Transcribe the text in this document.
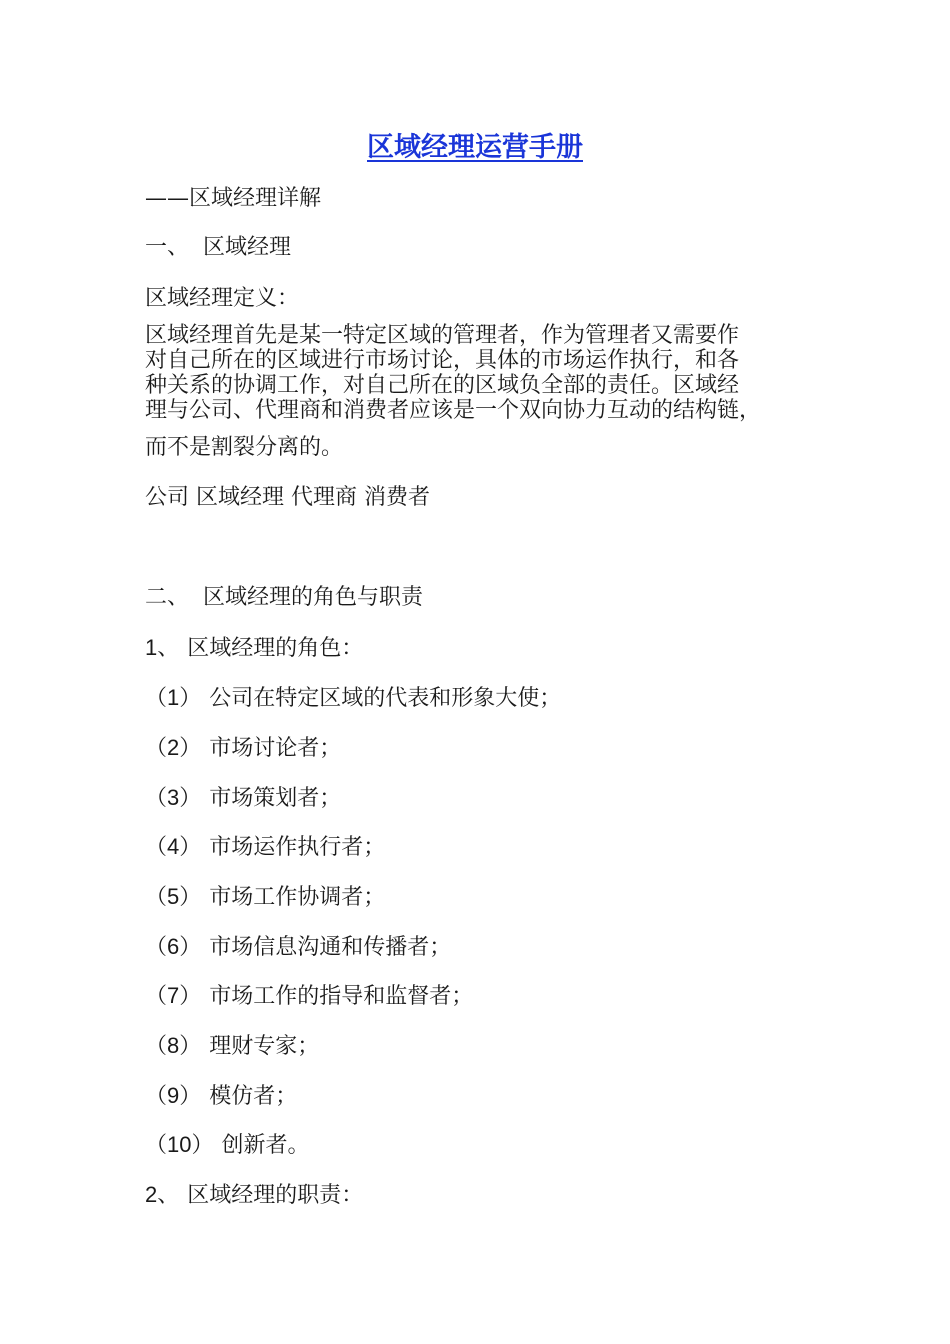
区域经理运营手册

——区域经理详解

一、 区域经理

区域经理定义：

区域经理首先是某一特定区域的管理者，作为管理者又需要作
对自己所在的区域进行市场讨论，具体的市场运作执行，和各
种关系的协调工作，对自己所在的区域负全部的责任。区域经
理与公司、代理商和消费者应该是一个双向协力互动的结构链，

而不是割裂分离的。

公司 区域经理 代理商 消费者

二、 区域经理的角色与职责

1、 区域经理的角色：

（1） 公司在特定区域的代表和形象大使；

（2） 市场讨论者；

（3） 市场策划者；

（4） 市场运作执行者；

（5） 市场工作协调者；

（6） 市场信息沟通和传播者；

（7） 市场工作的指导和监督者；

（8） 理财专家；

（9） 模仿者；

（10） 创新者。

2、 区域经理的职责：
